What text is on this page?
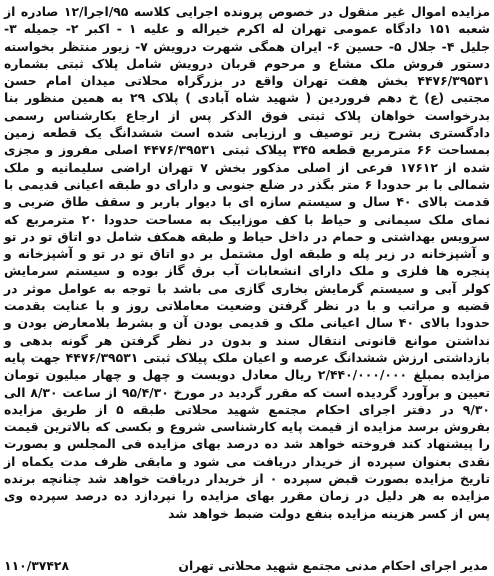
مزایده اموال غیر منقول در خصوص پرونده اجرایی کلاسه ۹۵/اجرا/۱۲ صادره از شعبه ۱۵۱ دادگاه عمومی تهران له اکرم خیراله و علیه ۱ - اکبر ۲- جمیله ۳- جلیل ۴- جلال ۵- حسین ۶- ایران همگی شهرت درویش ۷- زیور منتظر بخواسته دستور فروش ملک مشاع و مرحوم قربان درویش شامل پلاک ثبتی بشماره ۴۴۷۶/۳۹۵۳۱ بخش هفت تهران واقع در بزرگراه محلاتی میدان امام حسن مجتبی (ع) خ دهم فروردین ( شهید شاه آبادی ) پلاک ۲۹ به همین منظور بنا بدرخواست خواهان پلاک ثبتی فوق الذکر پس از ارجاع بکارشناس رسمی دادگستری بشرح زیر توصیف و ارزیابی شده است ششدانگ یک قطعه زمین بمساحت ۶۶ مترمربع قطعه ۳۴۵ پیلاک ثبتی ۴۴۷۶/۳۹۵۳۱ اصلی مفروز و مجزی شده از ۱۷۶۱۲ فرعی از اصلی مذکور بخش ۷ تهران اراضی سلیمانیه و ملک شمالی با بر حدودا ۶ متر بگذر در ضلع جنوبی و دارای دو طبقه اعیانی قدیمی با قدمت بالای ۴۰ سال و سیستم سازه ای با دیوار باربر و سقف طاق ضربی و نمای ملک سیمانی و حیاط با کف موزاییک به مساحت حدودا ۲۰ مترمربع که سرویس بهداشتی و حمام در داخل حیاط و طبقه همکف شامل دو اتاق تو در تو و آشپزخانه در زیر پله و طبقه اول مشتمل بر دو اتاق تو در تو و آشپزخانه و پنجره ها فلزی و ملک دارای انشعابات آب برق گاز بوده و سیستم سرمایش کولر آبی و سیستم گرمایش بخاری گازی می باشد با توجه به عوامل موثر در قضیه و مراتب و با در نظر گرفتن وضعیت معاملاتی روز و با عنایت بقدمت حدودا بالای ۴۰ سال اعیانی ملک و قدیمی بودن آن و بشرط بلامعارض بودن و نداشتن موانع قانونی انتقال سند و بدون در نظر گرفتن هر گونه بدهی و بازداشتی ارزش ششدانگ عرصه و اعیان ملک پیلاک ثبتی ۴۴۷۶/۳۹۵۳۱ جهت پایه مزایده بمبلغ ۲/۴۴۰/۰۰۰/۰۰۰ ریال معادل دویست و چهل و چهار میلیون تومان تعیین و برآورد گردیده است که مقرر گردید در مورخ ۹۵/۴/۳۰ از ساعت ۸/۳۰ الی ۹/۳۰ در دفتر اجرای احکام مجتمع شهید محلاتی طبقه ۵ از طریق مزایده بفروش برسد مزایده از قیمت پایه کارشناسی شروع و بکسی که بالاترین قیمت را پیشنهاد کند فروخته خواهد شد ده درصد بهای مزایده فی المجلس و بصورت نقدی بعنوان سپرده از خریدار دریافت می شود و مابقی ظرف مدت یکماه از تاریخ مزایده بصورت قبض سپرده ۰ از خریدار دریافت خواهد شد چنانچه برنده مزایده به هر دلیل در زمان مقرر بهای مزایده را نپردازد ده درصد سپرده وی پس از کسر هزینه مزایده بنفع دولت ضبط خواهد شد

۱۱۰/۳۷۴۲۸	مدیر اجرای احکام مدنی مجتمع شهید محلاتی تهران
